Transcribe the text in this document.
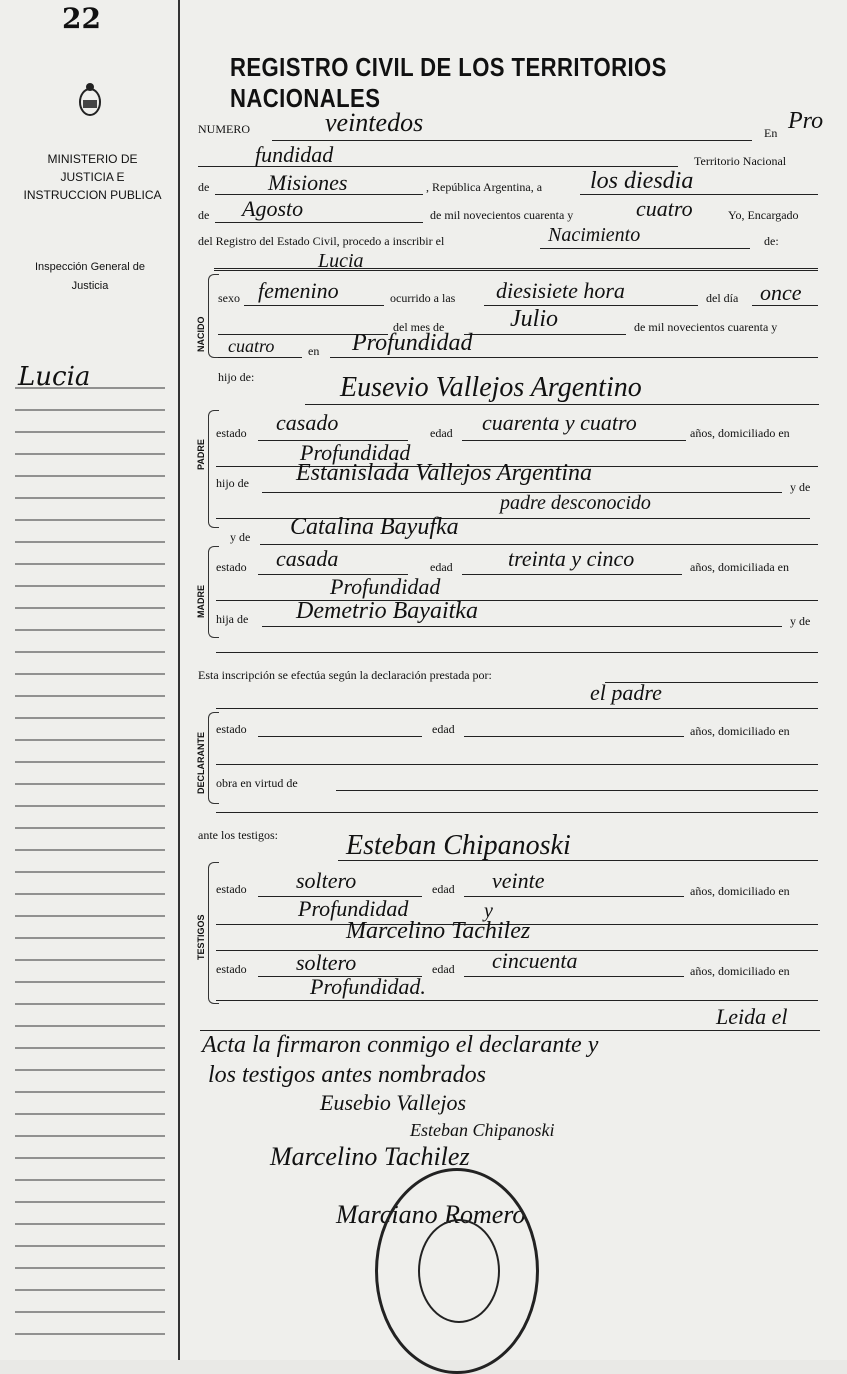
22
MINISTERIO DE JUSTICIA E INSTRUCCION PUBLICA
Inspección General de Justicia
Lucia
REGISTRO CIVIL DE LOS TERRITORIOS NACIONALES
NUMERO	veintedos	En Pro
fundidad	Territorio Nacional
de	Misiones	, República Argentina, a los diesdia
de Agosto	de mil novecientos cuarenta y	cuatro	Yo, Encargado
del Registro del Estado Civil, procedo a inscribir el	Nacimiento	de:
Lucia
NACIDO
sexo femenino	ocurrido a las diesisiete hora	del día once
del mes de	Julio	de mil novecientos cuarenta y
cuatro	en Profundidad
hijo de:	Eusevio Vallejos Argentino
PADRE
estado casado	edad cuarenta y cuatro	años, domiciliado en
Profundidad
hijo de Estanislada Vallejos Argentina
y de
padre desconocido
y de Catalina Bayufka
MADRE
estado casada	edad	treinta y cinco	años, domiciliada en
Profundidad
hija de Demetrio Bayaitka	y de
Esta inscripción se efectúa según la declaración prestada por:
el padre
DECLARANTE
estado	edad	años, domiciliado en
obra en virtud de
ante los testigos: Esteban Chipanoski
TESTIGOS
estado soltero	edad veinte	años, domiciliado en
Profundidad	y
Marcelino Tachilez
estado soltero	edad cincuenta	años, domiciliado en
Profundidad.
Leida el
Acta la firmaron conmigo el declarante y
los testigos antes nombrados
Eusebio Vallejos
Esteban Chipanoski
Marcelino Tachilez
Marciano Romero
